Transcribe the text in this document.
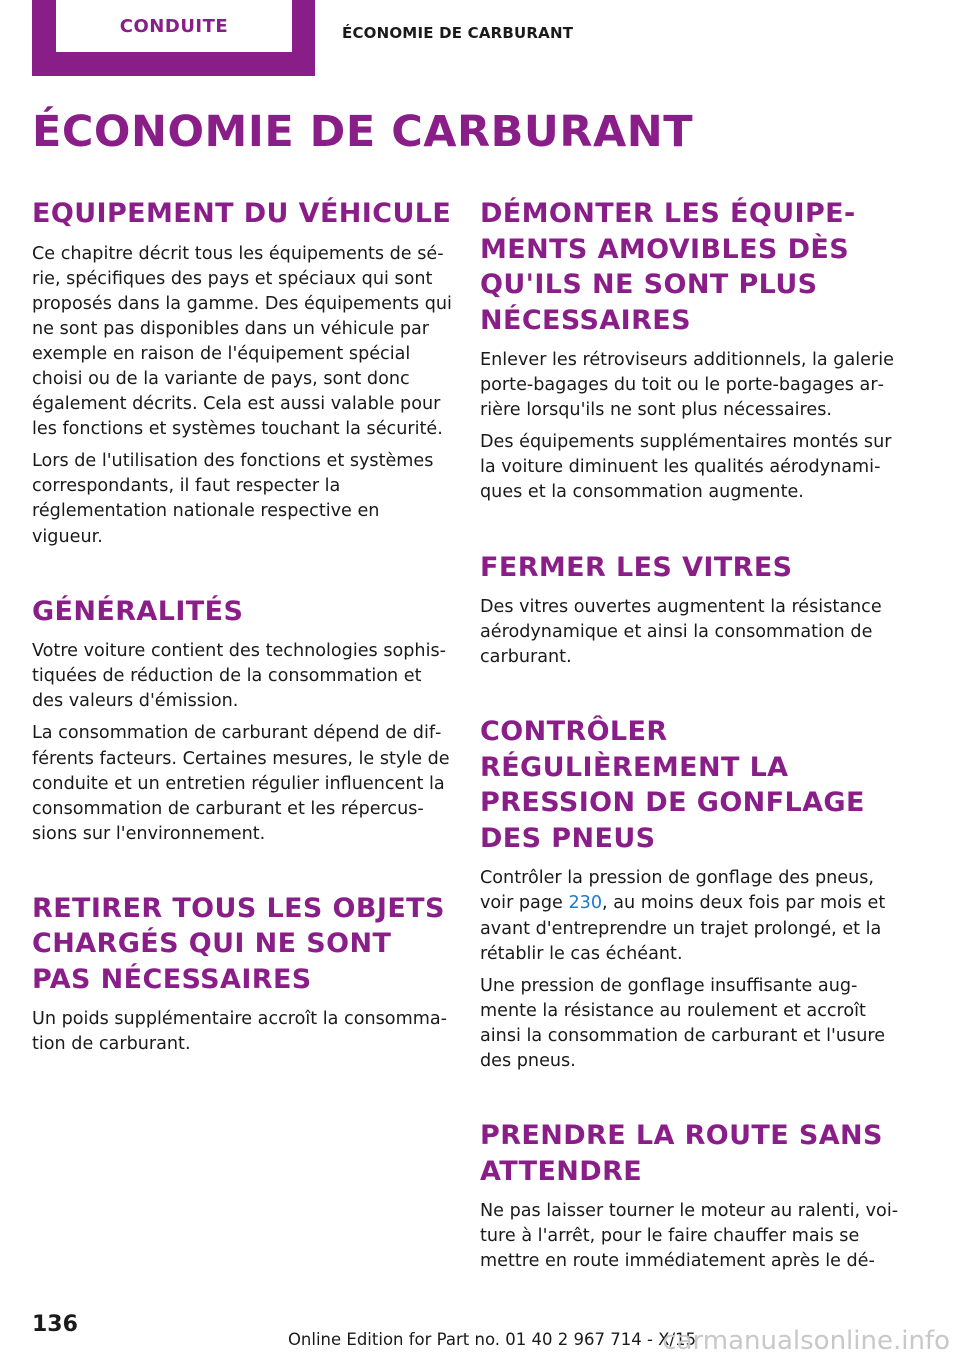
CONDUITE	ÉCONOMIE DE CARBURANT
ÉCONOMIE DE CARBURANT
EQUIPEMENT DU VÉHICULE

Ce chapitre décrit tous les équipements de série, spécifiques des pays et spéciaux qui sont proposés dans la gamme. Des équipements qui ne sont pas disponibles dans un véhicule par exemple en raison de l'équipement spécial choisi ou de la variante de pays, sont donc également décrits. Cela est aussi valable pour les fonctions et systèmes touchant la sécurité.

Lors de l'utilisation des fonctions et systèmes correspondants, il faut respecter la réglementation nationale respective en vigueur.

GÉNÉRALITÉS

Votre voiture contient des technologies sophistiquées de réduction de la consommation et des valeurs d'émission.

La consommation de carburant dépend de différents facteurs. Certaines mesures, le style de conduite et un entretien régulier influencent la consommation de carburant et les répercussions sur l'environnement.

RETIRER TOUS LES OBJETS CHARGÉS QUI NE SONT PAS NÉCESSAIRES

Un poids supplémentaire accroît la consommation de carburant.

DÉMONTER LES ÉQUIPEMENTS AMOVIBLES DÈS QU'ILS NE SONT PLUS NÉCESSAIRES

Enlever les rétroviseurs additionnels, la galerie porte-bagages du toit ou le porte-bagages arrière lorsqu'ils ne sont plus nécessaires.

Des équipements supplémentaires montés sur la voiture diminuent les qualités aérodynamiques et la consommation augmente.

FERMER LES VITRES

Des vitres ouvertes augmentent la résistance aérodynamique et ainsi la consommation de carburant.

CONTRÔLER RÉGULIÈREMENT LA PRESSION DE GONFLAGE DES PNEUS

Contrôler la pression de gonflage des pneus, voir page 230, au moins deux fois par mois et avant d'entreprendre un trajet prolongé, et la rétablir le cas échéant.

Une pression de gonflage insuffisante augmente la résistance au roulement et accroît ainsi la consommation de carburant et l'usure des pneus.

PRENDRE LA ROUTE SANS ATTENDRE

Ne pas laisser tourner le moteur au ralenti, voiture à l'arrêt, pour le faire chauffer mais se mettre en route immédiatement après le dé-

136
Online Edition for Part no. 01 40 2 967 714 - X/15
carmanualsonline.info
